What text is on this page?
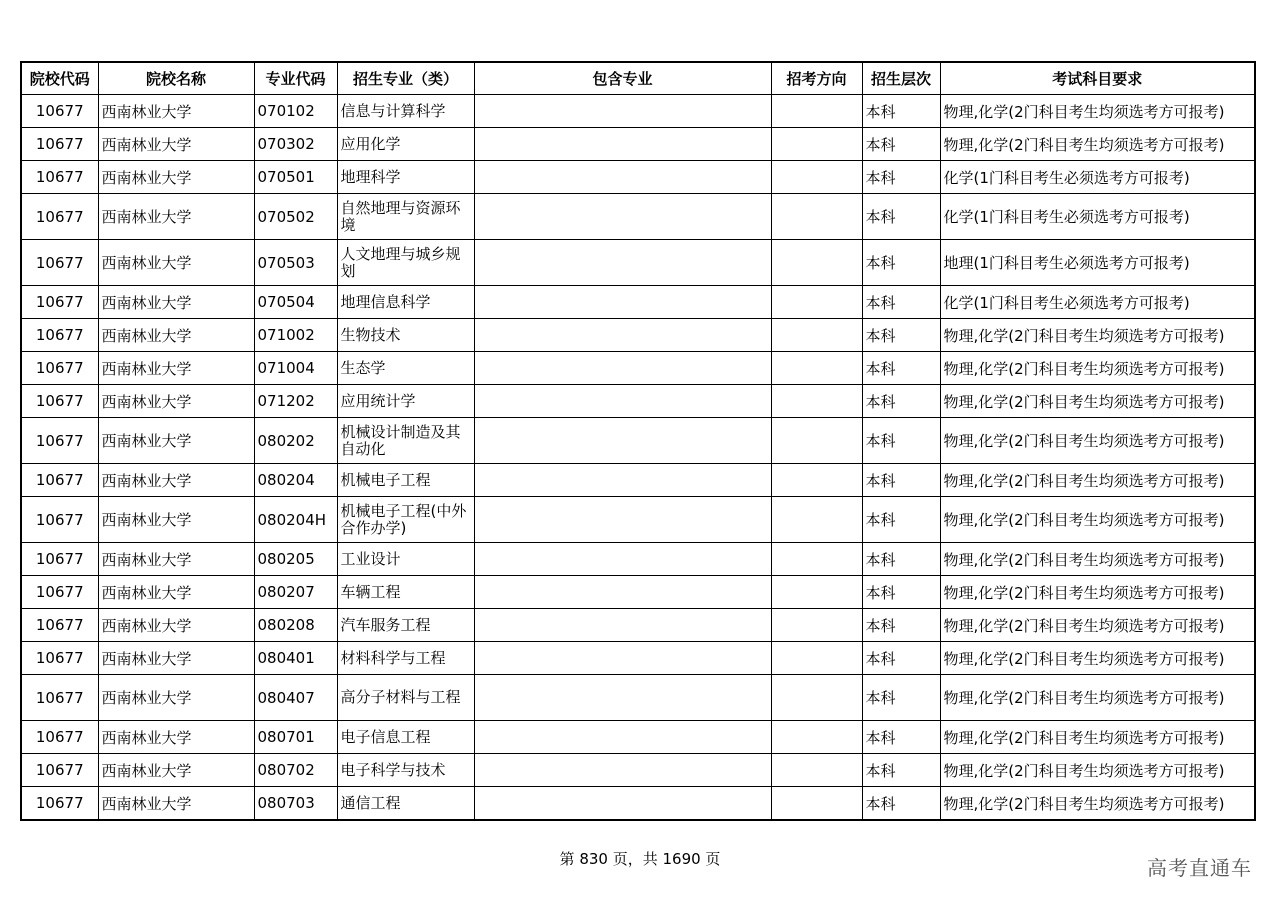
院校代码	院校名称	专业代码	招生专业（类）	包含专业	招考方向	招生层次	考试科目要求
10677	西南林业大学	070102	信息与计算科学			本科	物理,化学(2门科目考生均须选考方可报考)
10677	西南林业大学	070302	应用化学			本科	物理,化学(2门科目考生均须选考方可报考)
10677	西南林业大学	070501	地理科学			本科	化学(1门科目考生必须选考方可报考)
10677	西南林业大学	070502	自然地理与资源环境			本科	化学(1门科目考生必须选考方可报考)
10677	西南林业大学	070503	人文地理与城乡规划			本科	地理(1门科目考生必须选考方可报考)
10677	西南林业大学	070504	地理信息科学			本科	化学(1门科目考生必须选考方可报考)
10677	西南林业大学	071002	生物技术			本科	物理,化学(2门科目考生均须选考方可报考)
10677	西南林业大学	071004	生态学			本科	物理,化学(2门科目考生均须选考方可报考)
10677	西南林业大学	071202	应用统计学			本科	物理,化学(2门科目考生均须选考方可报考)
10677	西南林业大学	080202	机械设计制造及其自动化			本科	物理,化学(2门科目考生均须选考方可报考)
10677	西南林业大学	080204	机械电子工程			本科	物理,化学(2门科目考生均须选考方可报考)
10677	西南林业大学	080204H	机械电子工程(中外合作办学)			本科	物理,化学(2门科目考生均须选考方可报考)
10677	西南林业大学	080205	工业设计			本科	物理,化学(2门科目考生均须选考方可报考)
10677	西南林业大学	080207	车辆工程			本科	物理,化学(2门科目考生均须选考方可报考)
10677	西南林业大学	080208	汽车服务工程			本科	物理,化学(2门科目考生均须选考方可报考)
10677	西南林业大学	080401	材料科学与工程			本科	物理,化学(2门科目考生均须选考方可报考)
10677	西南林业大学	080407	高分子材料与工程			本科	物理,化学(2门科目考生均须选考方可报考)
10677	西南林业大学	080701	电子信息工程			本科	物理,化学(2门科目考生均须选考方可报考)
10677	西南林业大学	080702	电子科学与技术			本科	物理,化学(2门科目考生均须选考方可报考)
10677	西南林业大学	080703	通信工程			本科	物理,化学(2门科目考生均须选考方可报考)
第 830 页，共 1690 页	高考直通车
